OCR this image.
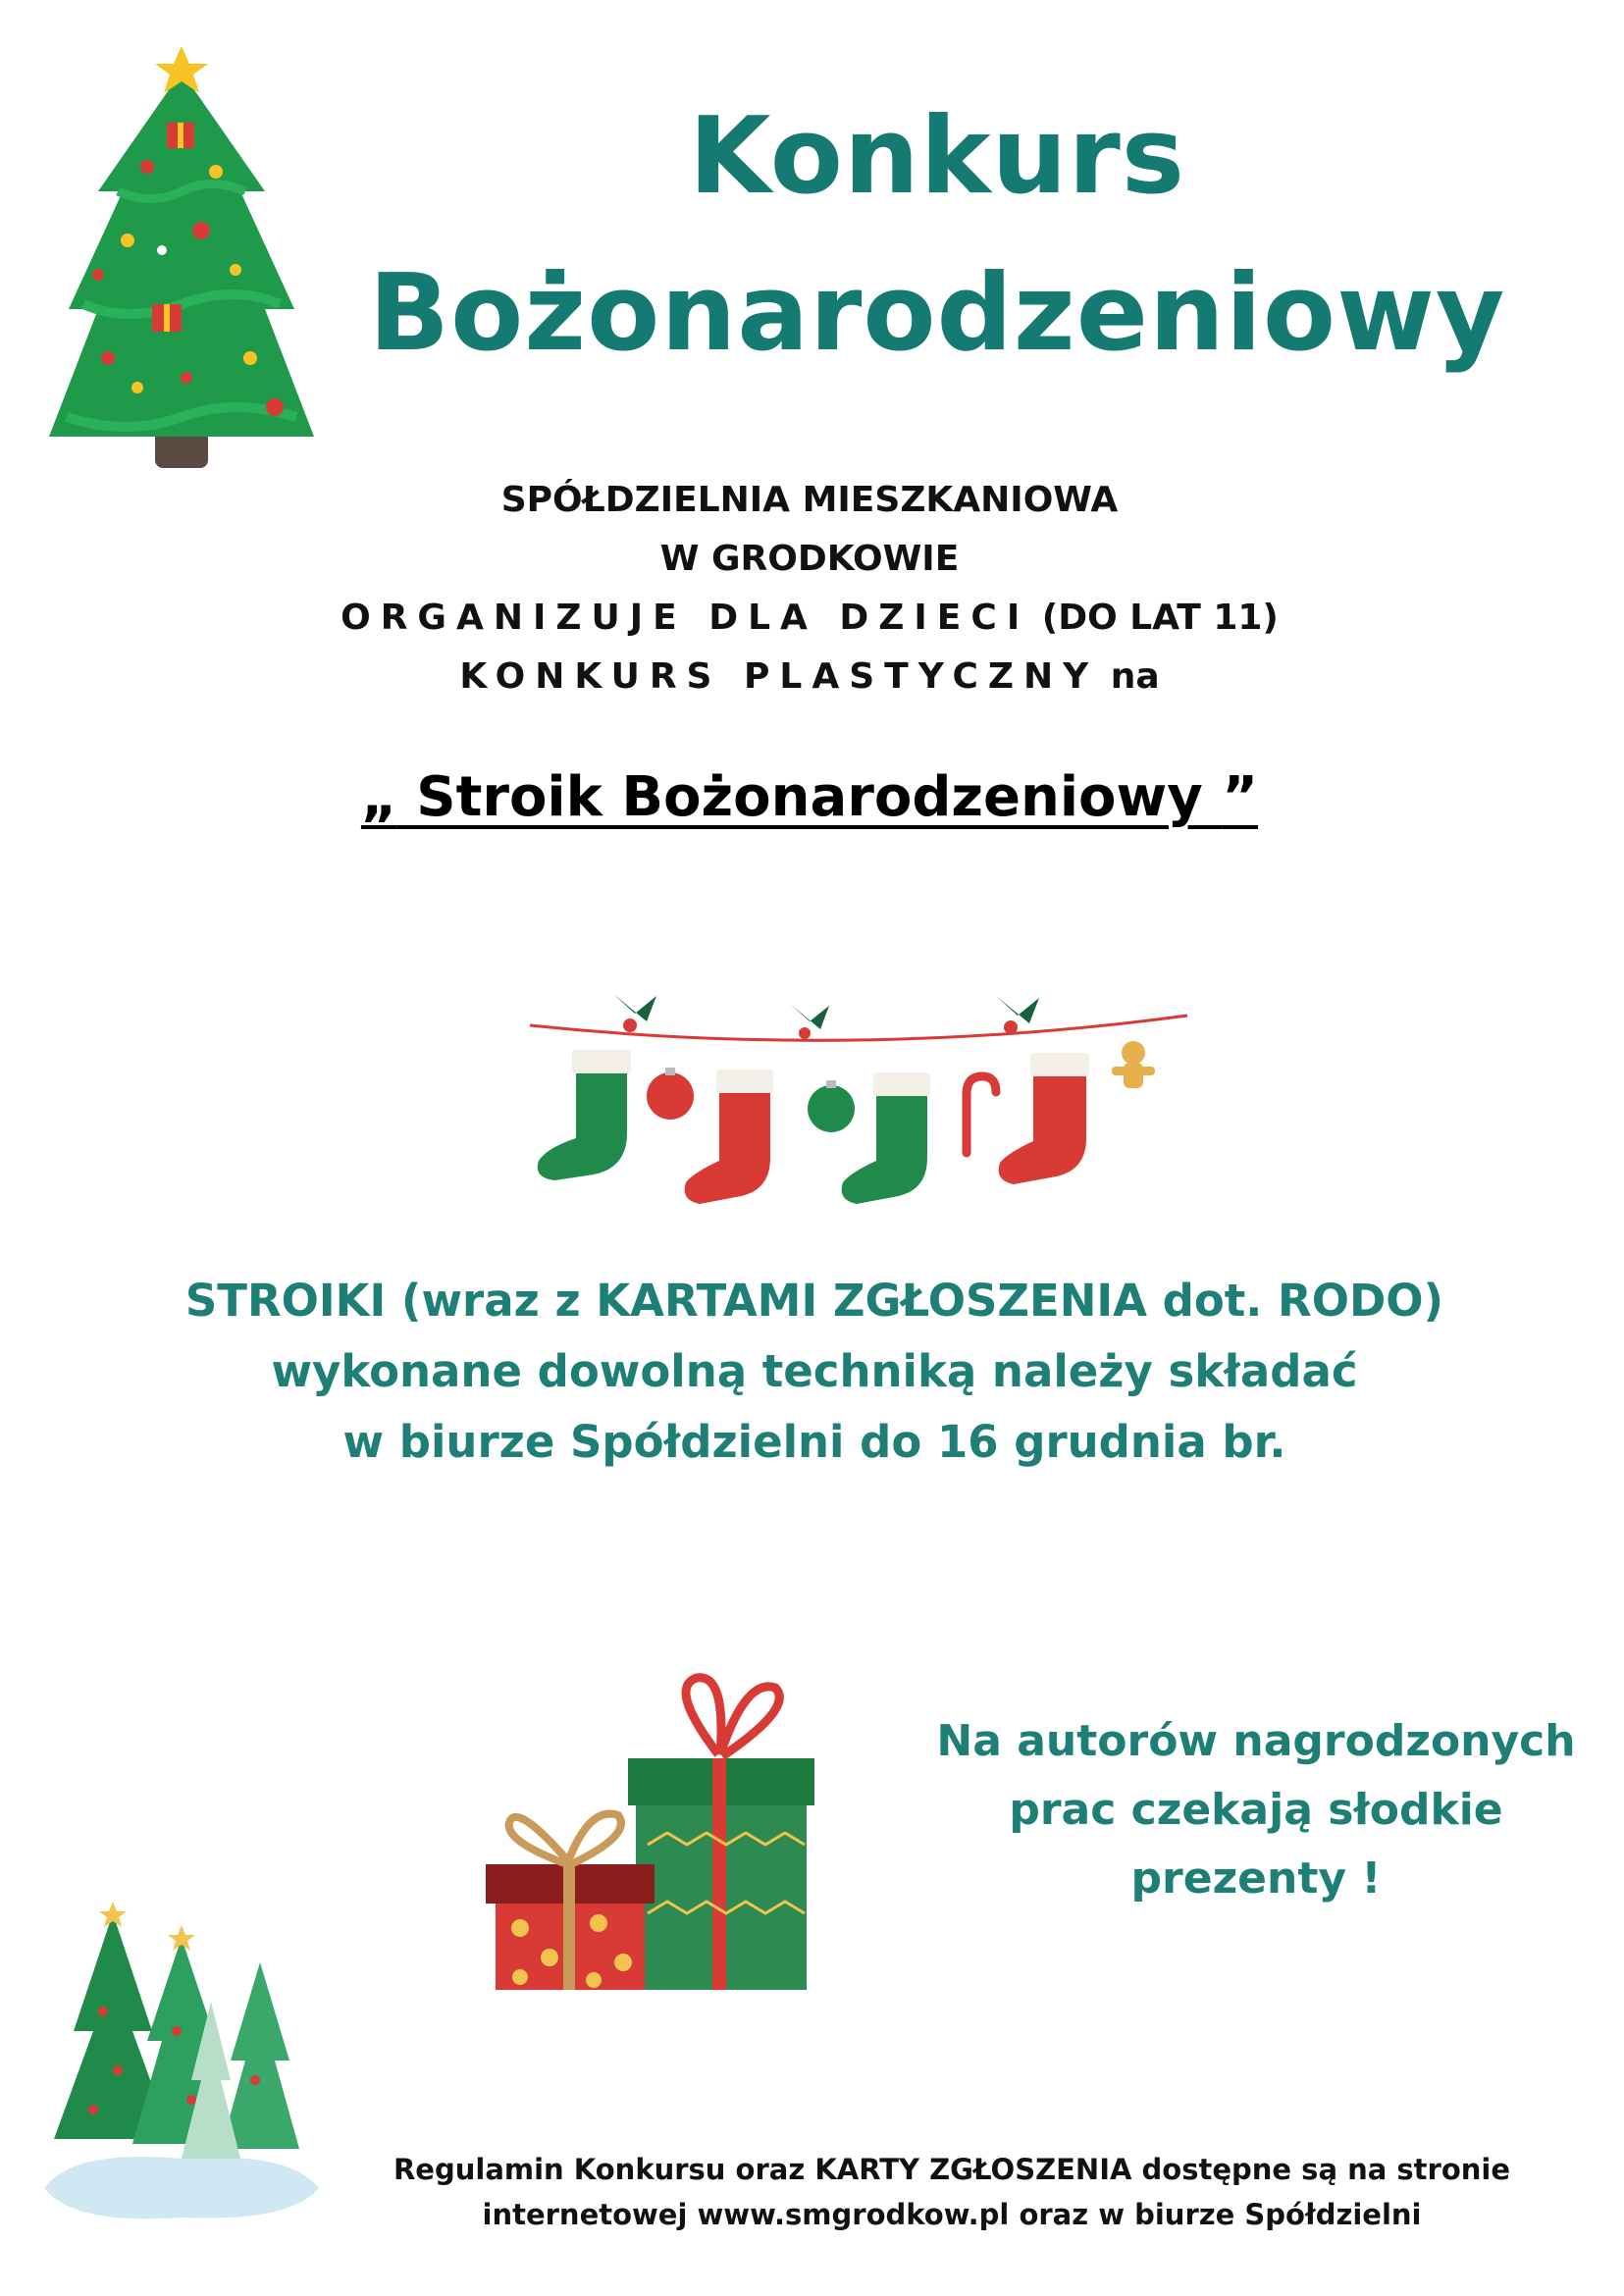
Konkurs
Bożonarodzeniowy
SPÓŁDZIELNIA MIESZKANIOWA
W GRODKOWIE
ORGANIZUJE DLA DZIECI (DO LAT 11)
KONKURS PLASTYCZNY na
„ Stroik Bożonarodzeniowy ”
STROIKI (wraz z KARTAMI ZGŁOSZENIA dot. RODO)
wykonane dowolną techniką należy składać
w biurze Spółdzielni do 16 grudnia br.
Na autorów nagrodzonych
prac czekają słodkie
prezenty !
Regulamin Konkursu oraz KARTY ZGŁOSZENIA dostępne są na stronie
internetowej www.smgrodkow.pl oraz w biurze Spółdzielni
